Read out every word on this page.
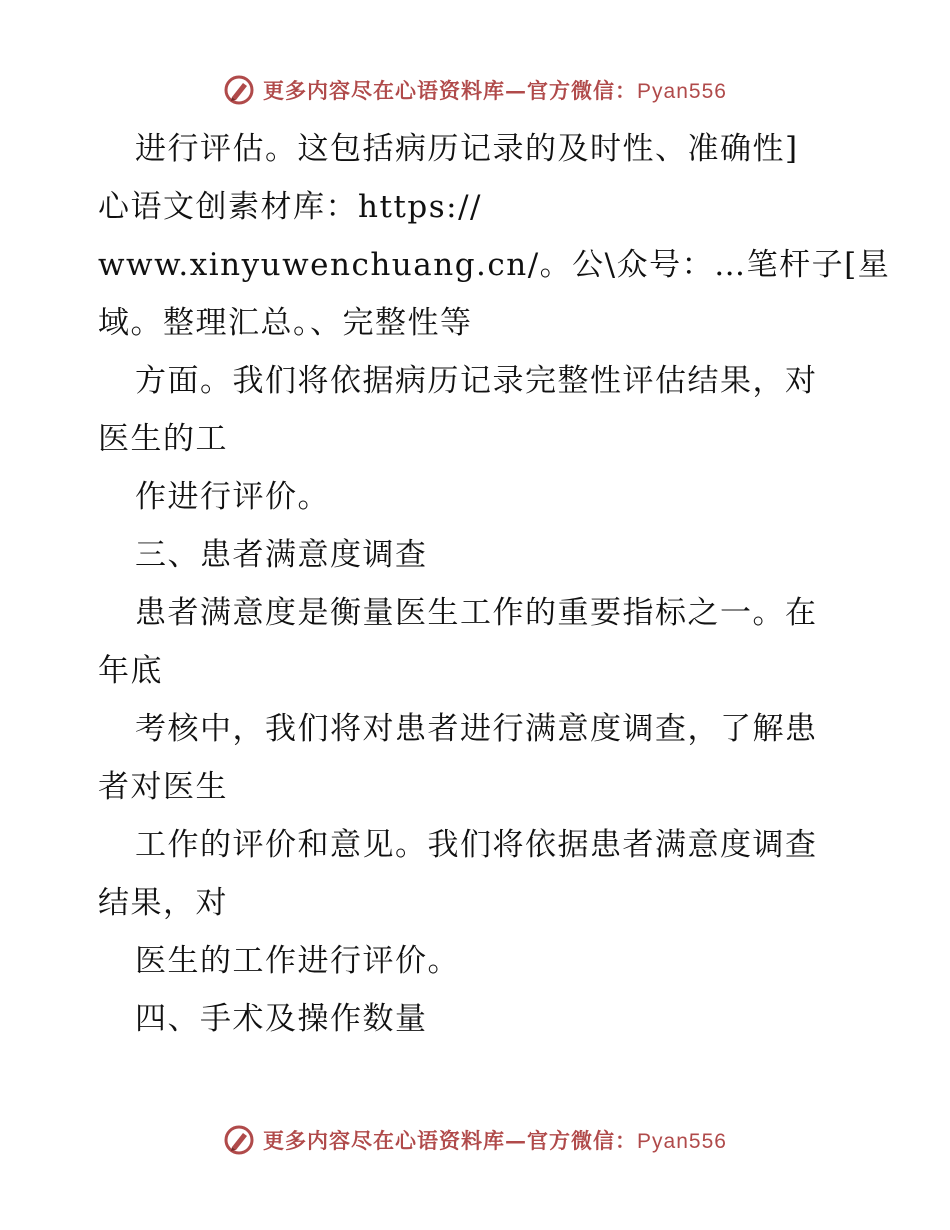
更多内容尽在心语资料库—官方微信：Pyan556
进行评估。这包括病历记录的及时性、准确性]
心语文创素材库：https://
www.xinyuwenchuang.cn/。公\众号：…笔杆子[星
域。整理汇总。、完整性等
方面。我们将依据病历记录完整性评估结果，对
医生的工
作进行评价。
三、患者满意度调查
患者满意度是衡量医生工作的重要指标之一。在
年底
考核中，我们将对患者进行满意度调查，了解患
者对医生
工作的评价和意见。我们将依据患者满意度调查
结果，对
医生的工作进行评价。
四、手术及操作数量
更多内容尽在心语资料库—官方微信：Pyan556
